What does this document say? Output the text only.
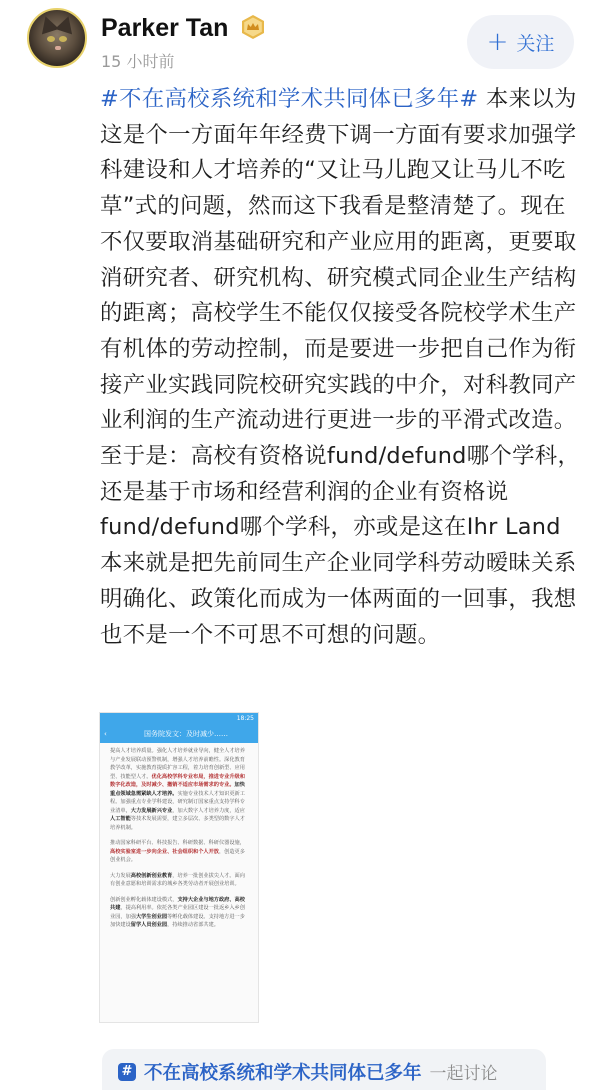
Parker Tan
15 小时前
+ 关注
#不在高校系统和学术共同体已多年# 本来以为这是个一方面年年经费下调一方面有要求加强学科建设和人才培养的“又让马儿跑又让马儿不吃草”式的问题，然而这下我看是整清楚了。现在不仅要取消基础研究和产业应用的距离，更要取消研究者、研究机构、研究模式同企业生产结构的距离；高校学生不能仅仅接受各院校学术生产有机体的劳动控制，而是要进一步把自己作为衔接产业实践同院校研究实践的中介，对科教同产业利润的生产流动进行更进一步的平滑式改造。至于是：高校有资格说fund/defund哪个学科，还是基于市场和经营利润的企业有资格说fund/defund哪个学科，亦或是这在Ihr Land本来就是把先前同生产企业同学科劳动暧昧关系明确化、政策化而成为一体两面的一回事，我想也不是一个不可思不可想的问题。
18:25
‹	国务院发文：及时减少……

提高人才培养质量。强化人才培养就业导向，健全人才培养与产业发展联动预警机制，增强人才培养前瞻性。深化教育教学改革，实施教育提质扩容工程，着力培育创新型、应用型、技能型人才。优化高校学科专业布局，推进专业升级和数字化改造，及时减少、撤销不适应市场需求的专业。加快重点领域急需紧缺人才培养。实施专业技术人才知识更新工程。加强重点专业学科建设，研究制订国家重点支持学科专业清单，大力发展新兴专业，加大数字人才培养力度，适应人工智能等技术发展需要，建立多层次、多类型的数字人才培养机制。

推动国家科研平台、科技报告、科研数据、科研仪器设施，高校实验室进一步向企业、社会组织和个人开放，创造更多创业机会。

大力发展高校创新创业教育，培养一批创业拔尖人才。面向有创业意愿和培训需求的城乡各类劳动者开展创业培训。

创新创业孵化载体建设模式，支持大企业与地方政府、高校共建，提高利用率。依托各类产业园区建设一批返乡入乡创业园，加强大学生创业园等孵化载体建设。支持地方进一步加快建设留学人员创业园，持续推动省部共建。

# 不在高校系统和学术共同体已多年 一起讨论
